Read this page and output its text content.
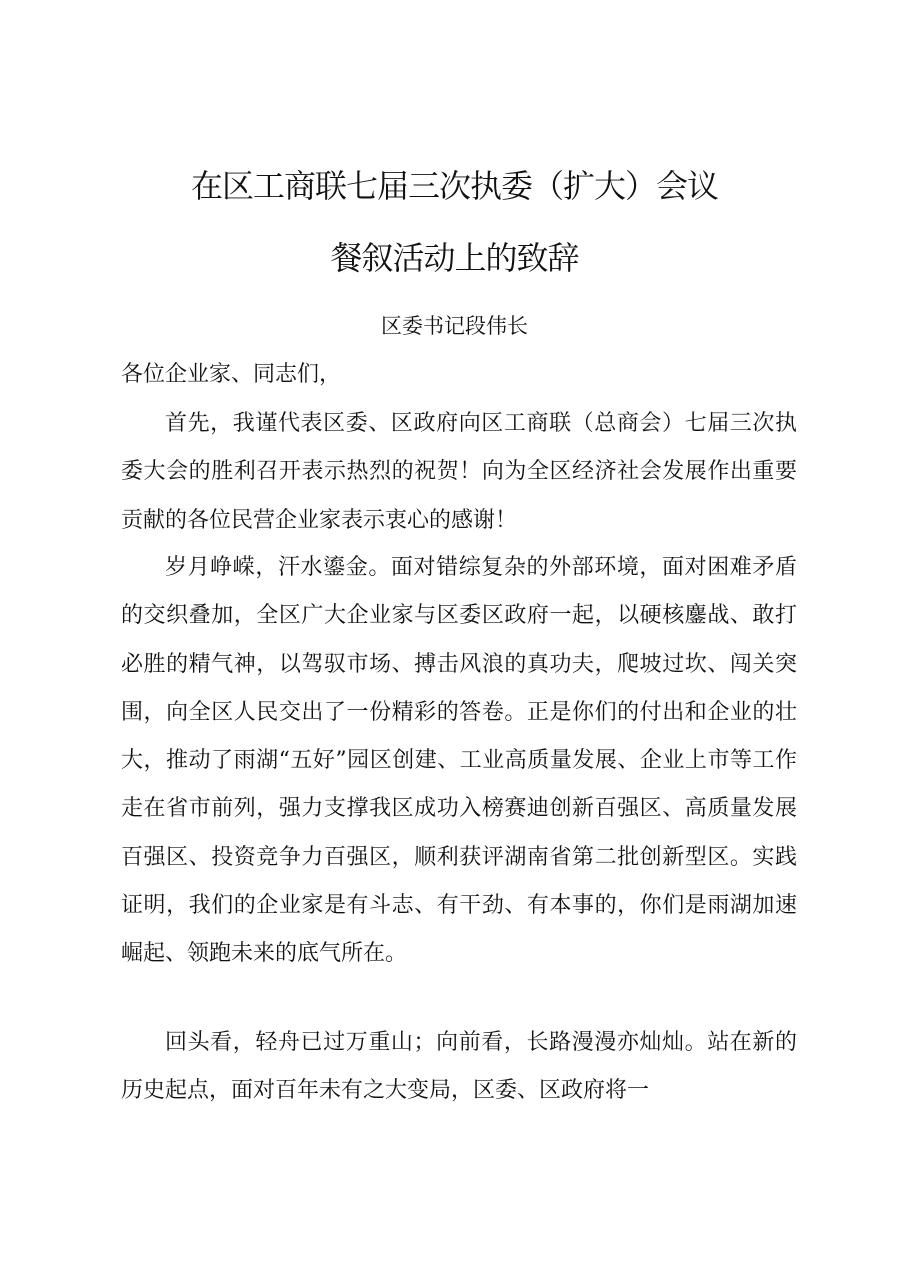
在区工商联七届三次执委（扩大）会议
餐叙活动上的致辞
区委书记段伟长

各位企业家、同志们，

首先，我谨代表区委、区政府向区工商联（总商会）七届三次执委大会的胜利召开表示热烈的祝贺！向为全区经济社会发展作出重要贡献的各位民营企业家表示衷心的感谢！

岁月峥嵘，汗水鎏金。面对错综复杂的外部环境，面对困难矛盾的交织叠加，全区广大企业家与区委区政府一起，以硬核鏖战、敢打必胜的精气神，以驾驭市场、搏击风浪的真功夫，爬坡过坎、闯关突围，向全区人民交出了一份精彩的答卷。正是你们的付出和企业的壮大，推动了雨湖“五好”园区创建、工业高质量发展、企业上市等工作走在省市前列，强力支撑我区成功入榜赛迪创新百强区、高质量发展百强区、投资竞争力百强区，顺利获评湖南省第二批创新型区。实践证明，我们的企业家是有斗志、有干劲、有本事的，你们是雨湖加速崛起、领跑未来的底气所在。

回头看，轻舟已过万重山；向前看，长路漫漫亦灿灿。站在新的历史起点，面对百年未有之大变局，区委、区政府将一
